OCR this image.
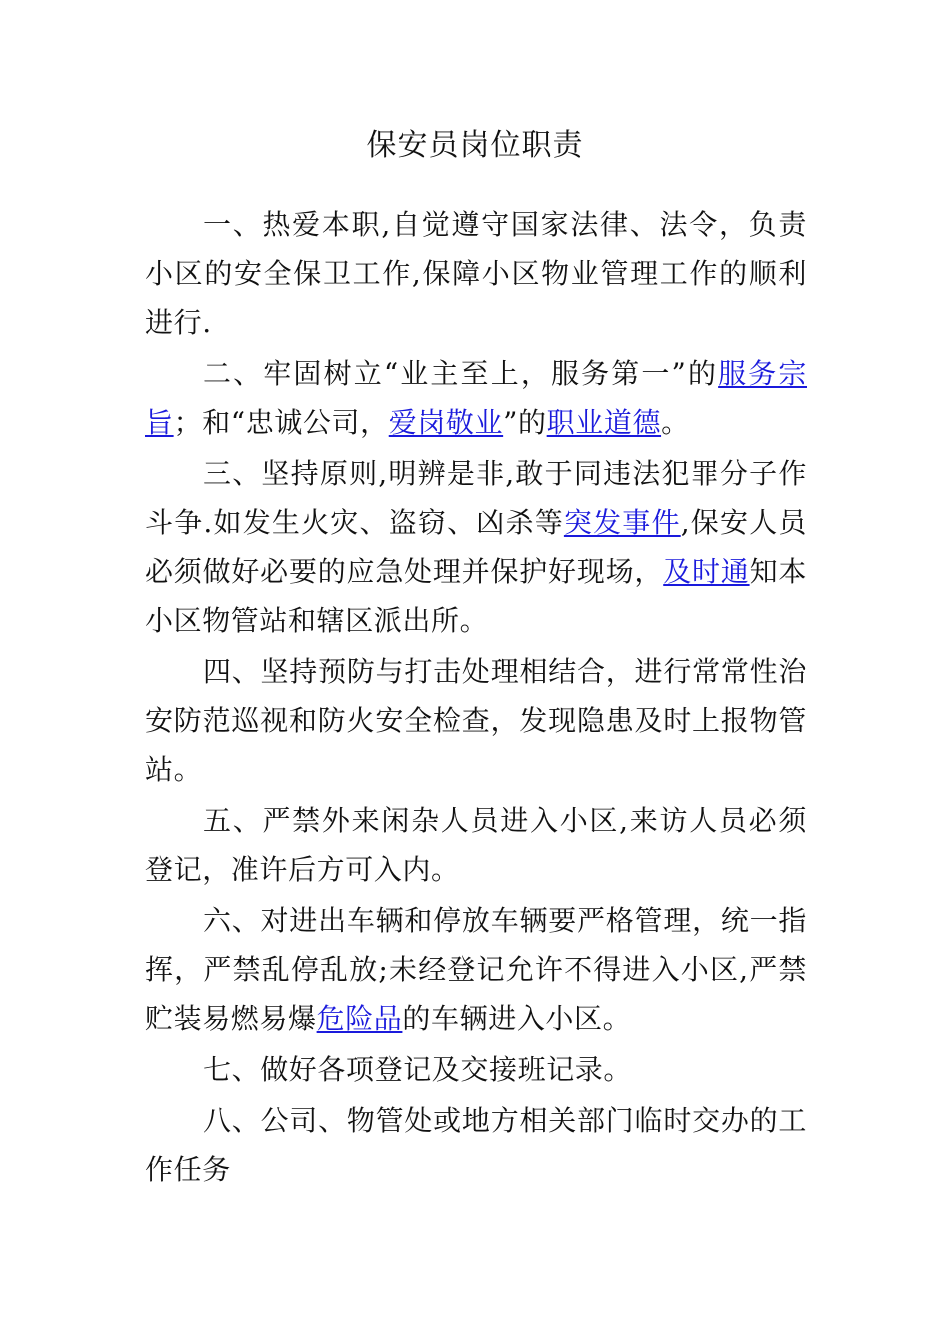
保安员岗位职责

一、热爱本职,自觉遵守国家法律、法令，负责小区的安全保卫工作,保障小区物业管理工作的顺利进行.

二、牢固树立“业主至上，服务第一”的服务宗旨；和“忠诚公司，爱岗敬业”的职业道德。

三、坚持原则,明辨是非,敢于同违法犯罪分子作斗争.如发生火灾、盗窃、凶杀等突发事件,保安人员必须做好必要的应急处理并保护好现场，及时通知本小区物管站和辖区派出所。

四、坚持预防与打击处理相结合，进行常常性治安防范巡视和防火安全检查，发现隐患及时上报物管站。

五、严禁外来闲杂人员进入小区,来访人员必须登记，准许后方可入内。

六、对进出车辆和停放车辆要严格管理，统一指挥，严禁乱停乱放;未经登记允许不得进入小区,严禁贮装易燃易爆危险品的车辆进入小区。

七、做好各项登记及交接班记录。

八、公司、物管处或地方相关部门临时交办的工作任务
